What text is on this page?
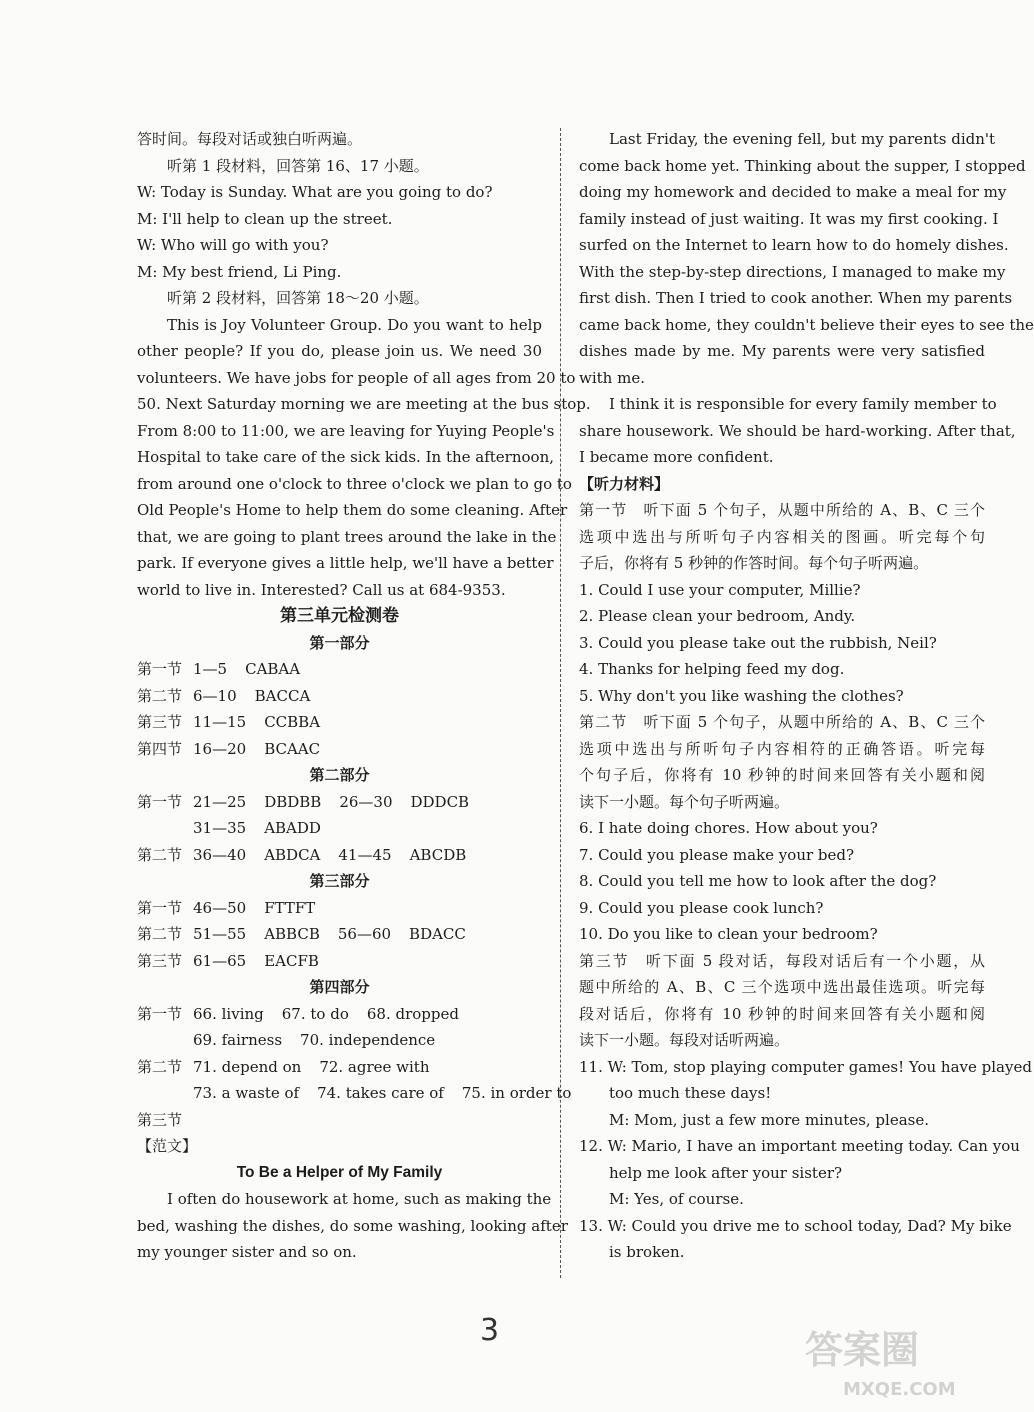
答时间。每段对话或独白听两遍。
听第 1 段材料，回答第 16、17 小题。
W: Today is Sunday. What are you going to do?
M: I'll help to clean up the street.
W: Who will go with you?
M: My best friend, Li Ping.
听第 2 段材料，回答第 18～20 小题。
This is Joy Volunteer Group. Do you want to help
other people? If you do, please join us. We need 30
volunteers. We have jobs for people of all ages from 20 to
50. Next Saturday morning we are meeting at the bus stop.
From 8:00 to 11:00, we are leaving for Yuying People's
Hospital to take care of the sick kids. In the afternoon,
from around one o'clock to three o'clock we plan to go to
Old People's Home to help them do some cleaning. After
that, we are going to plant trees around the lake in the
park. If everyone gives a little help, we'll have a better
world to live in. Interested? Call us at 684-9353.
第三单元检测卷
第一部分
第一节 1—5 CABAA
第二节 6—10 BACCA
第三节 11—15 CCBBA
第四节 16—20 BCAAC
第二部分
第一节 21—25 DBDBB 26—30 DDDCB
31—35 ABADD
第二节 36—40 ABDCA 41—45 ABCDB
第三部分
第一节 46—50 FTTFT
第二节 51—55 ABBCB 56—60 BDACC
第三节 61—65 EACFB
第四部分
第一节 66. living 67. to do 68. dropped
69. fairness 70. independence
第二节 71. depend on 72. agree with
73. a waste of 74. takes care of 75. in order to
第三节
【范文】
To Be a Helper of My Family
I often do housework at home, such as making the
bed, washing the dishes, do some washing, looking after
my younger sister and so on.
Last Friday, the evening fell, but my parents didn't
come back home yet. Thinking about the supper, I stopped
doing my homework and decided to make a meal for my
family instead of just waiting. It was my first cooking. I
surfed on the Internet to learn how to do homely dishes.
With the step-by-step directions, I managed to make my
first dish. Then I tried to cook another. When my parents
came back home, they couldn't believe their eyes to see the
dishes made by me. My parents were very satisfied
with me.
I think it is responsible for every family member to
share housework. We should be hard-working. After that,
I became more confident.
【听力材料】
第一节　听下面 5 个句子，从题中所给的 A、B、C 三个
选项中选出与所听句子内容相关的图画。听完每个句
子后，你将有 5 秒钟的作答时间。每个句子听两遍。
1. Could I use your computer, Millie?
2. Please clean your bedroom, Andy.
3. Could you please take out the rubbish, Neil?
4. Thanks for helping feed my dog.
5. Why don't you like washing the clothes?
第二节　听下面 5 个句子，从题中所给的 A、B、C 三个
选项中选出与所听句子内容相符的正确答语。听完每
个句子后，你将有 10 秒钟的时间来回答有关小题和阅
读下一小题。每个句子听两遍。
6. I hate doing chores. How about you?
7. Could you please make your bed?
8. Could you tell me how to look after the dog?
9. Could you please cook lunch?
10. Do you like to clean your bedroom?
第三节　听下面 5 段对话，每段对话后有一个小题，从
题中所给的 A、B、C 三个选项中选出最佳选项。听完每
段对话后，你将有 10 秒钟的时间来回答有关小题和阅
读下一小题。每段对话听两遍。
11. W: Tom, stop playing computer games! You have played
too much these days!
M: Mom, just a few more minutes, please.
12. W: Mario, I have an important meeting today. Can you
help me look after your sister?
M: Yes, of course.
13. W: Could you drive me to school today, Dad? My bike
is broken.
3	答案圈
MXQE.COM
